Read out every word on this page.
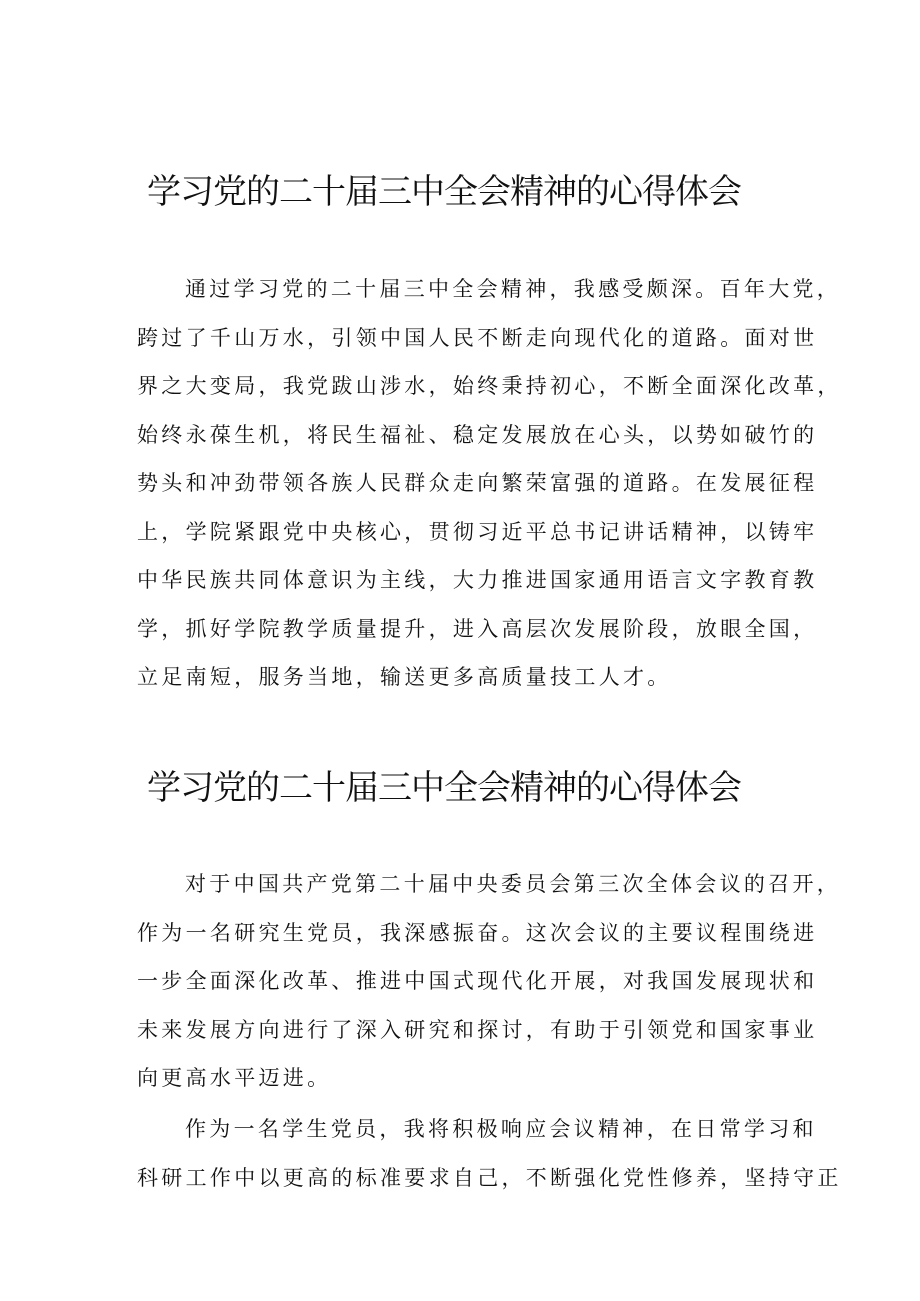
学习党的二十届三中全会精神的心得体会
通过学习党的二十届三中全会精神，我感受颇深。百年大党，
跨过了千山万水，引领中国人民不断走向现代化的道路。面对世
界之大变局，我党跋山涉水，始终秉持初心，不断全面深化改革，
始终永葆生机，将民生福祉、稳定发展放在心头，以势如破竹的
势头和冲劲带领各族人民群众走向繁荣富强的道路。在发展征程
上，学院紧跟党中央核心，贯彻习近平总书记讲话精神，以铸牢
中华民族共同体意识为主线，大力推进国家通用语言文字教育教
学，抓好学院教学质量提升，进入高层次发展阶段，放眼全国，
立足南短，服务当地，输送更多高质量技工人才。
学习党的二十届三中全会精神的心得体会
对于中国共产党第二十届中央委员会第三次全体会议的召开，
作为一名研究生党员，我深感振奋。这次会议的主要议程围绕进
一步全面深化改革、推进中国式现代化开展，对我国发展现状和
未来发展方向进行了深入研究和探讨，有助于引领党和国家事业
向更高水平迈进。
作为一名学生党员，我将积极响应会议精神，在日常学习和
科研工作中以更高的标准要求自己，不断强化党性修养，坚持守正
